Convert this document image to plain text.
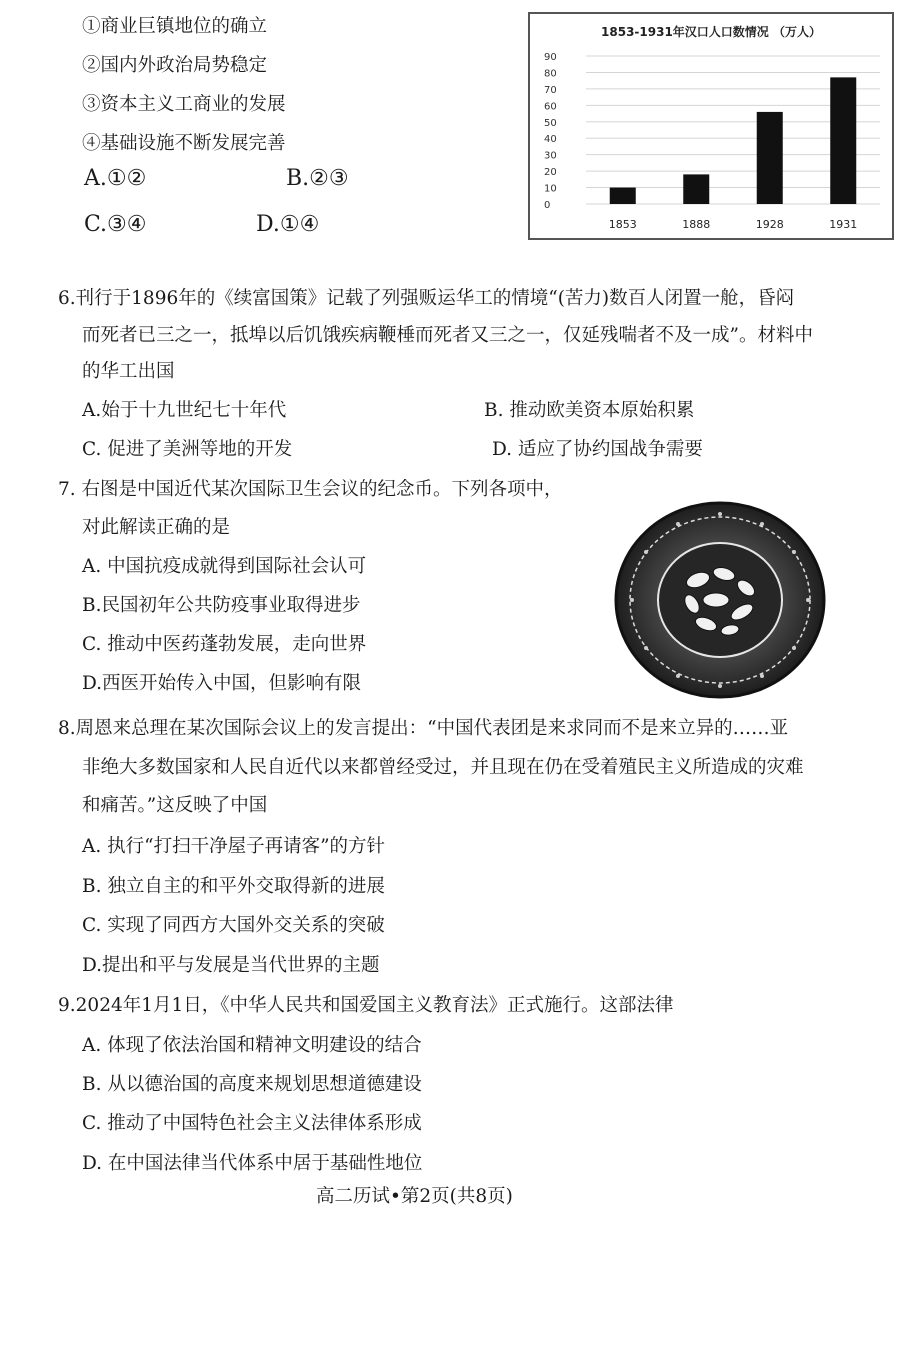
①商业巨镇地位的确立
②国内外政治局势稳定
③资本主义工商业的发展
④基础设施不断发展完善
A.①②	B.②③
C.③④	D.①④
1853-1931年汉口人口数情况 （万人）
0
10
20
30
40
50
60
70
80
90
1853	1888	1928	1931
6.刊行于1896年的《续富国策》记载了列强贩运华工的情境“(苦力)数百人闭置一舱，昏闷
而死者已三之一，抵埠以后饥饿疾病鞭棰而死者又三之一，仅延残喘者不及一成”。材料中
的华工出国
A.始于十九世纪七十年代	B. 推动欧美资本原始积累
C. 促进了美洲等地的开发	D. 适应了协约国战争需要
7. 右图是中国近代某次国际卫生会议的纪念币。下列各项中，
对此解读正确的是
A. 中国抗疫成就得到国际社会认可
B.民国初年公共防疫事业取得进步
C. 推动中医药蓬勃发展，走向世界
D.西医开始传入中国，但影响有限
8.周恩来总理在某次国际会议上的发言提出：“中国代表团是来求同而不是来立异的……亚
非绝大多数国家和人民自近代以来都曾经受过，并且现在仍在受着殖民主义所造成的灾难
和痛苦。”这反映了中国
A. 执行“打扫干净屋子再请客”的方针
B. 独立自主的和平外交取得新的进展
C. 实现了同西方大国外交关系的突破
D.提出和平与发展是当代世界的主题
9.2024年1月1日，《中华人民共和国爱国主义教育法》正式施行。这部法律
A. 体现了依法治国和精神文明建设的结合
B. 从以德治国的高度来规划思想道德建设
C. 推动了中国特色社会主义法律体系形成
D. 在中国法律当代体系中居于基础性地位
高二历试•第2页(共8页)
